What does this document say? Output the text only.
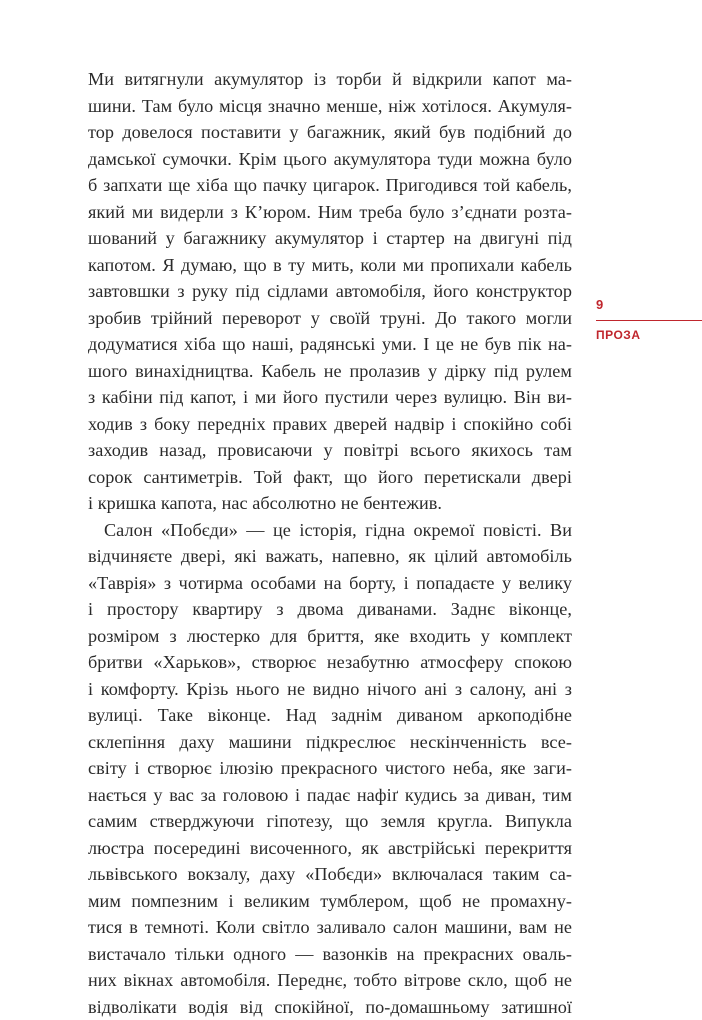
Ми витягнули акумулятор із торби й відкрили капот ма-
шини. Там було місця значно менше, ніж хотілося. Акумуля-
тор довелося поставити у багажник, який був подібний до
дамської сумочки. Крім цього акумулятора туди можна було
б запхати ще хіба що пачку цигарок. Пригодився той кабель,
який ми видерли з К’юром. Ним треба було з’єднати розта-
шований у багажнику акумулятор і стартер на двигуні під
капотом. Я думаю, що в ту мить, коли ми пропихали кабель
завтовшки з руку під сідлами автомобіля, його конструктор
зробив трійний переворот у своїй труні. До такого могли
додуматися хіба що наші, радянські уми. І це не був пік на-
шого винахідництва. Кабель не пролазив у дірку під рулем
з кабіни під капот, і ми його пустили через вулицю. Він ви-
ходив з боку передніх правих дверей надвір і спокійно собі
заходив назад, провисаючи у повітрі всього якихось там
сорок сантиметрів. Той факт, що його перетискали двері
і кришка капота, нас абсолютно не бентежив.
Салон «Побєди» — це історія, гідна окремої повісті. Ви
відчиняєте двері, які важать, напевно, як цілий автомобіль
«Таврія» з чотирма особами на борту, і попадаєте у велику
і простору квартиру з двома диванами. Заднє віконце,
розміром з люстерко для бриття, яке входить у комплект
бритви «Харьков», створює незабутню атмосферу спокою
і комфорту. Крізь нього не видно нічого ані з салону, ані з
вулиці. Таке віконце. Над заднім диваном аркоподібне
склепіння даху машини підкреслює нескінченність все-
світу і створює ілюзію прекрасного чистого неба, яке заги-
нається у вас за головою і падає нафіґ кудись за диван, тим
самим стверджуючи гіпотезу, що земля кругла. Випукла
люстра посередині височенного, як австрійські перекриття
львівського вокзалу, даху «Побєди» включалася таким са-
мим помпезним і великим тумблером, щоб не промахну-
тися в темноті. Коли світло заливало салон машини, вам не
вистачало тільки одного — вазонків на прекрасних оваль-
них вікнах автомобіля. Переднє, тобто вітрове скло, щоб не
відволікати водія від спокійної, по-домашньому затишної
9
ПРОЗА
